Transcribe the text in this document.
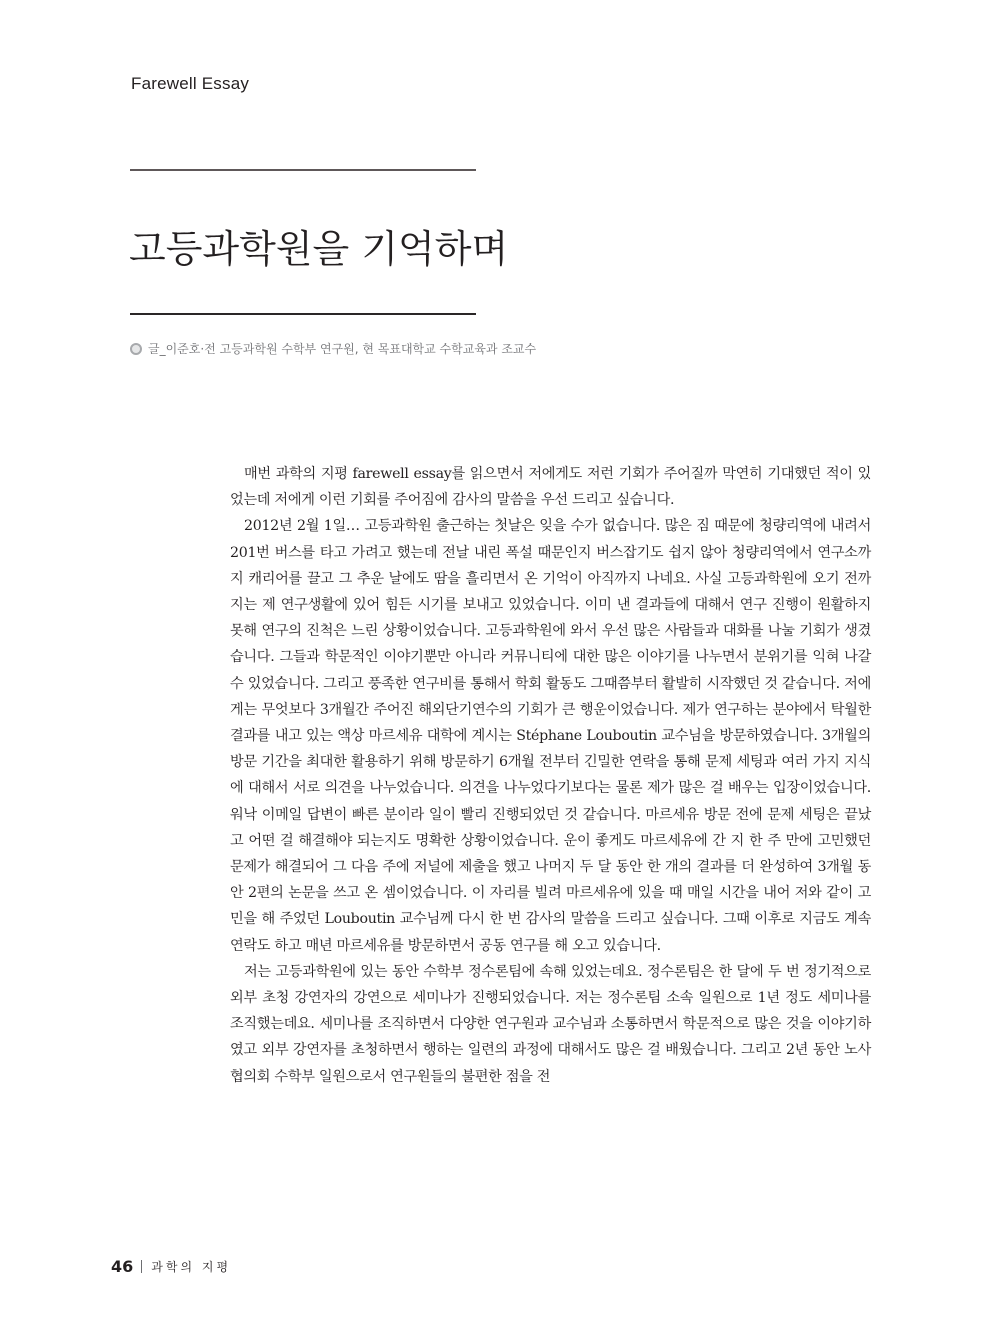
Farewell Essay
고등과학원을 기억하며
글_이준호·전 고등과학원 수학부 연구원, 현 목표대학교 수학교육과 조교수

매번 과학의 지평 farewell essay를 읽으면서 저에게도 저런 기회가 주어질까 막연히 기대했던 적이 있었는데 저에게 이런 기회를 주어짐에 감사의 말씀을 우선 드리고 싶습니다.

2012년 2월 1일… 고등과학원 출근하는 첫날은 잊을 수가 없습니다. 많은 짐 때문에 청량리역에 내려서 201번 버스를 타고 가려고 했는데 전날 내린 폭설 때문인지 버스잡기도 쉽지 않아 청량리역에서 연구소까지 캐리어를 끌고 그 추운 날에도 땀을 흘리면서 온 기억이 아직까지 나네요. 사실 고등과학원에 오기 전까지는 제 연구생활에 있어 힘든 시기를 보내고 있었습니다. 이미 낸 결과들에 대해서 연구 진행이 원활하지 못해 연구의 진척은 느린 상황이었습니다. 고등과학원에 와서 우선 많은 사람들과 대화를 나눌 기회가 생겼습니다. 그들과 학문적인 이야기뿐만 아니라 커뮤니티에 대한 많은 이야기를 나누면서 분위기를 익혀 나갈 수 있었습니다. 그리고 풍족한 연구비를 통해서 학회 활동도 그때쯤부터 활발히 시작했던 것 같습니다. 저에게는 무엇보다 3개월간 주어진 해외단기연수의 기회가 큰 행운이었습니다. 제가 연구하는 분야에서 탁월한 결과를 내고 있는 액상 마르세유 대학에 계시는 Stéphane Louboutin 교수님을 방문하였습니다. 3개월의 방문 기간을 최대한 활용하기 위해 방문하기 6개월 전부터 긴밀한 연락을 통해 문제 세팅과 여러 가지 지식에 대해서 서로 의견을 나누었습니다. 의견을 나누었다기보다는 물론 제가 많은 걸 배우는 입장이었습니다. 워낙 이메일 답변이 빠른 분이라 일이 빨리 진행되었던 것 같습니다. 마르세유 방문 전에 문제 세팅은 끝났고 어떤 걸 해결해야 되는지도 명확한 상황이었습니다. 운이 좋게도 마르세유에 간 지 한 주 만에 고민했던 문제가 해결되어 그 다음 주에 저널에 제출을 했고 나머지 두 달 동안 한 개의 결과를 더 완성하여 3개월 동안 2편의 논문을 쓰고 온 셈이었습니다. 이 자리를 빌려 마르세유에 있을 때 매일 시간을 내어 저와 같이 고민을 해 주었던 Louboutin 교수님께 다시 한 번 감사의 말씀을 드리고 싶습니다. 그때 이후로 지금도 계속 연락도 하고 매년 마르세유를 방문하면서 공동 연구를 해 오고 있습니다.

저는 고등과학원에 있는 동안 수학부 정수론팀에 속해 있었는데요. 정수론팀은 한 달에 두 번 정기적으로 외부 초청 강연자의 강연으로 세미나가 진행되었습니다. 저는 정수론팀 소속 일원으로 1년 정도 세미나를 조직했는데요. 세미나를 조직하면서 다양한 연구원과 교수님과 소통하면서 학문적으로 많은 것을 이야기하였고 외부 강연자를 초청하면서 행하는 일련의 과정에 대해서도 많은 걸 배웠습니다. 그리고 2년 동안 노사협의회 수학부 일원으로서 연구원들의 불편한 점을 전

46 과학의 지평
